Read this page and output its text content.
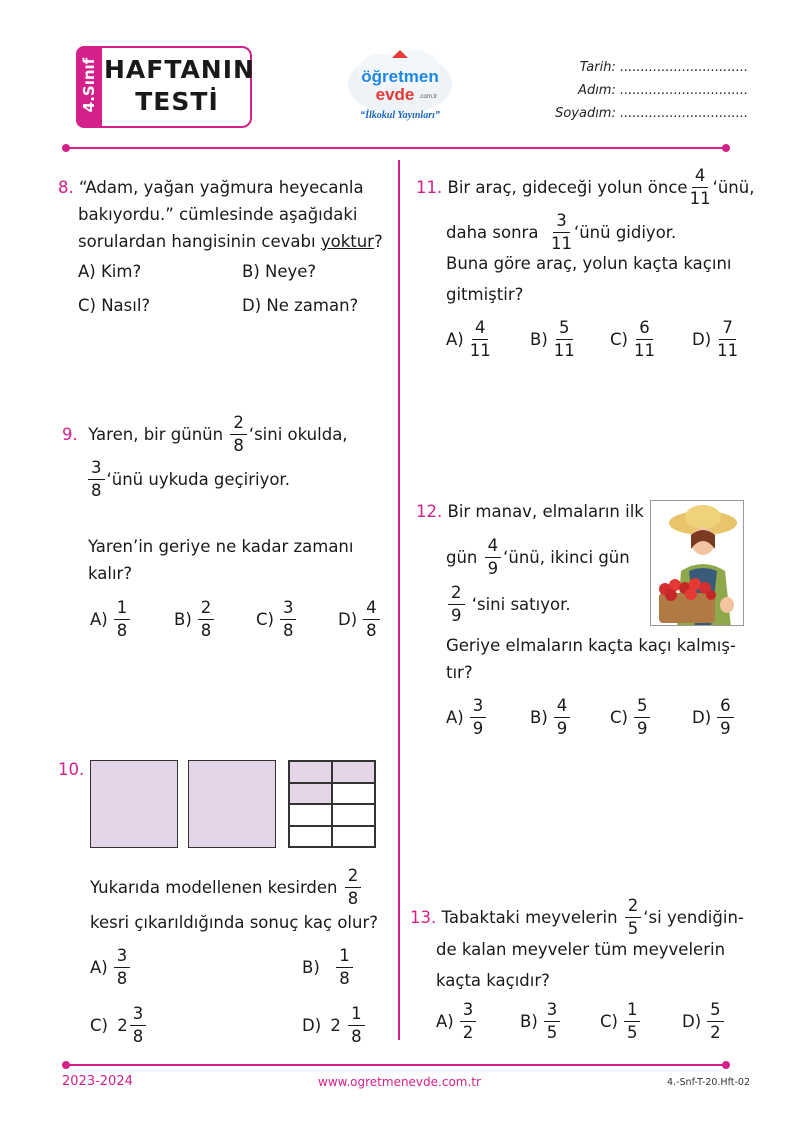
4.Sınıf HAFTANIN
TESTİ
öğretmen
evde .com.tr
“İlkokul Yayınları”
Tarih: ...............................
Adım: ...............................
Soyadım: ...............................
8. “Adam, yağan yağmura heyecanla
bakıyordu.” cümlesinde aşağıdaki
sorulardan hangisinin cevabı yoktur?
A) Kim?	B) Neye?
C) Nasıl?	D) Ne zaman?
9.
Yaren, bir günün
$\frac{2}{8}$ ‘sini okulda,
$\frac{3}{8}$ ‘ünü uykuda geçiriyor.
Yaren’in geriye ne kadar zamanı
kalır?
$A) \frac{1}{8}$	$B) \frac{2}{8}$	$C) \frac{3}{8}$	$D) \frac{4}{8}$
10.
Yukarıda modellenen kesirden
$\frac{2}{8}$
kesri çıkarıldığında sonuç kaç olur?
$A) \frac{3}{8}$	B)
$\frac{1}{8}$
C)
$2 \frac{3}{8}$	D)
2
$\frac{1}{8}$
11.
Bir araç, gideceği yolun önce $\frac{4}{11}$ ‘ünü,
daha sonra
$\frac{3}{11}$ ‘ünü gidiyor.
Buna göre araç, yolun kaçta kaçını
gitmiştir?
$A) \frac{4}{11} B) \frac{5}{11} C) \frac{6}{11} D) \frac{7}{11}$
12. Bir manav, elmaların ilk
gün
$\frac{4}{9}$ ‘ünü, ikinci gün
$\frac{2}{9}$
‘sini satıyor.
Geriye elmaların kaçta kaçı kalmış-
tır?
$A) \frac{3}{9}$	$B) \frac{4}{9} C) \frac{5}{9}$	$D) \frac{6}{9}$
13.
Tabaktaki meyvelerin
$\frac{2}{5}$ ‘si yendiğin-
de kalan meyveler tüm meyvelerin
kaçta kaçıdır?
$A) \frac{3}{2}$	$B) \frac{3}{5} C) \frac{1}{5}$	$D) \frac{5}{2}$
2023-2024	www.ogretmenevde.com.tr	4.-Snf-T-20.Hft-02
